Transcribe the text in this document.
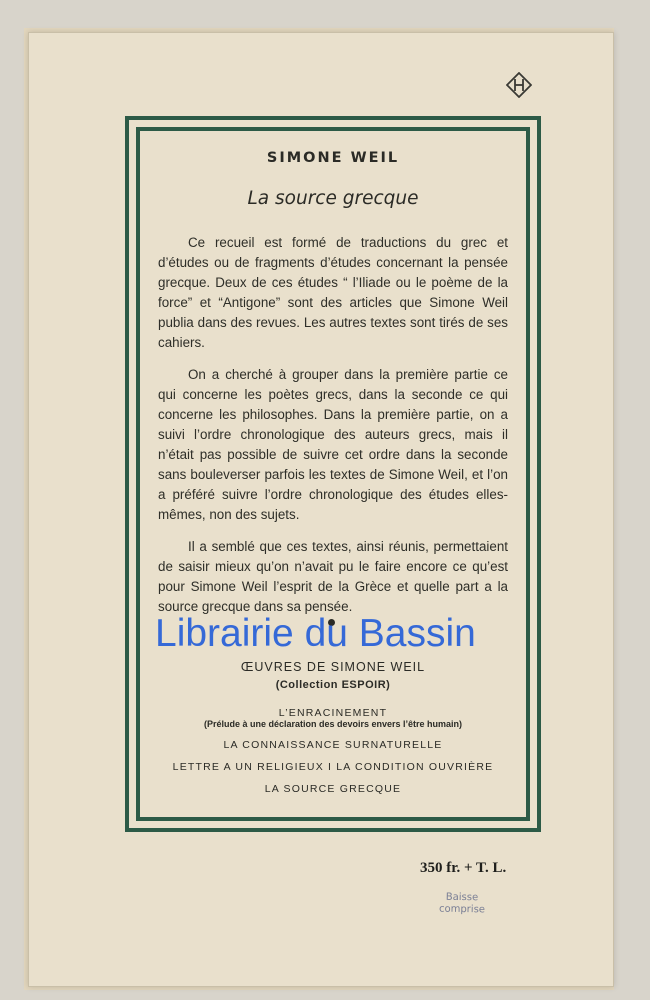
SIMONE WEIL
La source grecque

Ce recueil est formé de traductions du grec et d’études ou de fragments d’études concernant la pensée grecque. Deux de ces études “ l’Iliade ou le poème de la force” et “Antigone” sont des articles que Simone Weil publia dans des revues. Les autres textes sont tirés de ses cahiers.

On a cherché à grouper dans la première partie ce qui concerne les poètes grecs, dans la seconde ce qui concerne les philosophes. Dans la première partie, on a suivi l’ordre chronologique des auteurs grecs, mais il n’était pas possible de suivre cet ordre dans la seconde sans bouleverser parfois les textes de Simone Weil, et l’on a préféré suivre l’ordre chronologique des études elles-mêmes, non des sujets.

Il a semblé que ces textes, ainsi réunis, permettaient de saisir mieux qu’on n’avait pu le faire encore ce qu’est pour Simone Weil l’esprit de la Grèce et quelle part a la source grecque dans sa pensée.

ŒUVRES DE SIMONE WEIL
(Collection ESPOIR)
L’ENRACINEMENT
(Prélude à une déclaration des devoirs envers l’être humain)
LA CONNAISSANCE SURNATURELLE
LETTRE A UN RELIGIEUX I LA CONDITION OUVRIÈRE
LA SOURCE GRECQUE
Librairie du Bassin
350 fr. + T. L.
Baisse
comprise
